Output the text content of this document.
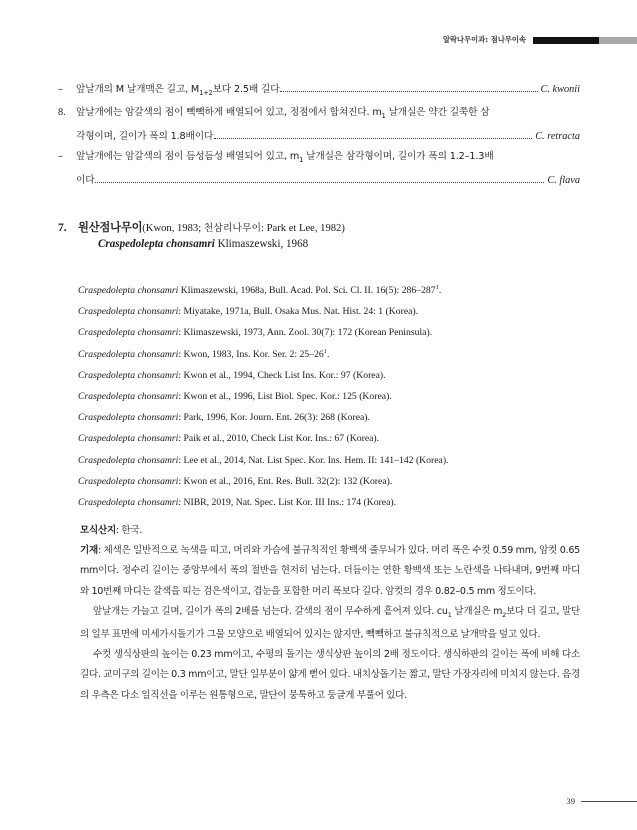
알락나무이과: 점나무이속
–	앞날개의 M 날개맥은 길고, $M_{1+2}$보다 2.5배 길다	C. kwonii
8.	앞날개에는 암갈색의 점이 빽빽하게 배열되어 있고, 정점에서 합쳐진다. $m_1$ 날개실은 약간 길쭉한 삼
각형이며, 길이가 폭의 1.8배이다	C. retracta
–	앞날개에는 암갈색의 점이 듬성듬성 배열되어 있고, $m_1$ 날개실은 삼각형이며, 길이가 폭의 1.2–1.3배
이다	C. flava
7. 원산점나무이(Kwon, 1983; 천삼리나무이: Park et Lee, 1982)
Craspedolepta chonsamri Klimaszewski, 1968
Craspedolepta chonsamri Klimaszewski, 1968a, Bull. Acad. Pol. Sci. Cl. II. 16(5): $286-287^1$.
Craspedolepta chonsamri: Miyatake, 1971a, Bull. Osaka Mus. Nat. Hist. 24: 1 (Korea).
Craspedolepta chonsamri: Klimaszewski, 1973, Ann. Zool. 30(7): 172 (Korean Peninsula).
Craspedolepta chonsamri: Kwon, 1983, Ins. Kor. Ser. 2: $25-26^1$.
Craspedolepta chonsamri: Kwon et al., 1994, Check List Ins. Kor.: 97 (Korea).
Craspedolepta chonsamri: Kwon et al., 1996, List Biol. Spec. Kor.: 125 (Korea).
Craspedolepta chonsamri: Park, 1996, Kor. Journ. Ent. 26(3): 268 (Korea).
Craspedolepta chonsamri: Paik et al., 2010, Check List Kor. Ins.: 67 (Korea).
Craspedolepta chonsamri: Lee et al., 2014, Nat. List Spec. Kor. Ins. Hem. II: 141–142 (Korea).
Craspedolepta chonsamri: Kwon et al., 2016, Ent. Res. Bull. 32(2): 132 (Korea).
Craspedolepta chonsamri: NIBR, 2019, Nat. Spec. List Kor. III Ins.: 174 (Korea).

모식산지: 한국.

기재: 체색은 일반적으로 녹색을 띠고, 머리와 가슴에 불규칙적인 황백색 줄무늬가 있다. 머리 폭은 수컷 0.59 mm, 암컷 0.65 mm이다. 정수리 길이는 중앙부에서 폭의 절반을 현저히 넘는다. 더듬이는 연한 황백색 또는 노란색을 나타내며, 9번째 마디와 10번째 마디는 갈색을 띠는 검은색이고, 겹눈을 포함한 머리 폭보다 길다. 암컷의 경우 0.82–0.5 mm 정도이다.

앞날개는 가늘고 길며, 길이가 폭의 2배를 넘는다. 갈색의 점이 무수하게 흩어져 있다. $cu_1$ 날개실은 $m_2$보다 더 길고, 말단의 일부 표면에 미세가시돌기가 그물 모양으로 배열되어 있지는 않지만, 빽빽하고 불규칙적으로 날개막을 덮고 있다.

수컷 생식상판의 높이는 0.23 mm이고, 수평의 돌기는 생식상판 높이의 2배 정도이다. 생식하판의 길이는 폭에 비해 다소 길다. 교미구의 길이는 0.3 mm이고, 말단 일부분이 얇게 뻗어 있다. 내치상돌기는 짧고, 말단 가장자리에 미치지 않는다. 음경의 우측은 다소 일직선을 이루는 원통형으로, 말단이 뭉툭하고 둥글게 부풀어 있다.

39
